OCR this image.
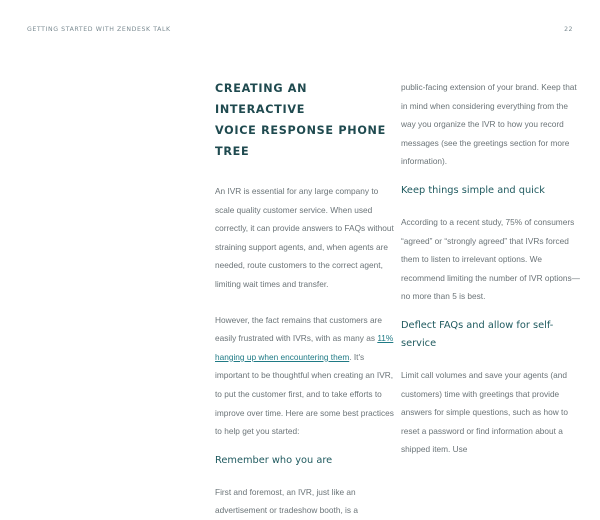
GETTING STARTED WITH ZENDESK TALK	22
CREATING AN INTERACTIVE
VOICE RESPONSE PHONE TREE

An IVR is essential for any large company to scale quality customer service. When used correctly, it can provide answers to FAQs without straining support agents, and, when agents are needed, route customers to the correct agent, limiting wait times and transfer.

However, the fact remains that customers are easily frustrated with IVRs, with as many as 11% hanging up when encountering them. It's important to be thoughtful when creating an IVR, to put the customer first, and to take efforts to improve over time. Here are some best practices to help get you started:

Remember who you are

First and foremost, an IVR, just like an advertisement or tradeshow booth, is a

public-facing extension of your brand. Keep that in mind when considering everything from the way you organize the IVR to how you record messages (see the greetings section for more information).

Keep things simple and quick

According to a recent study, 75% of consumers “agreed” or “strongly agreed” that IVRs forced them to listen to irrelevant options. We recommend limiting the number of IVR options—no more than 5 is best.

Deflect FAQs and allow for self-service

Limit call volumes and save your agents (and customers) time with greetings that provide answers for simple questions, such as how to reset a password or find information about a shipped item. Use
